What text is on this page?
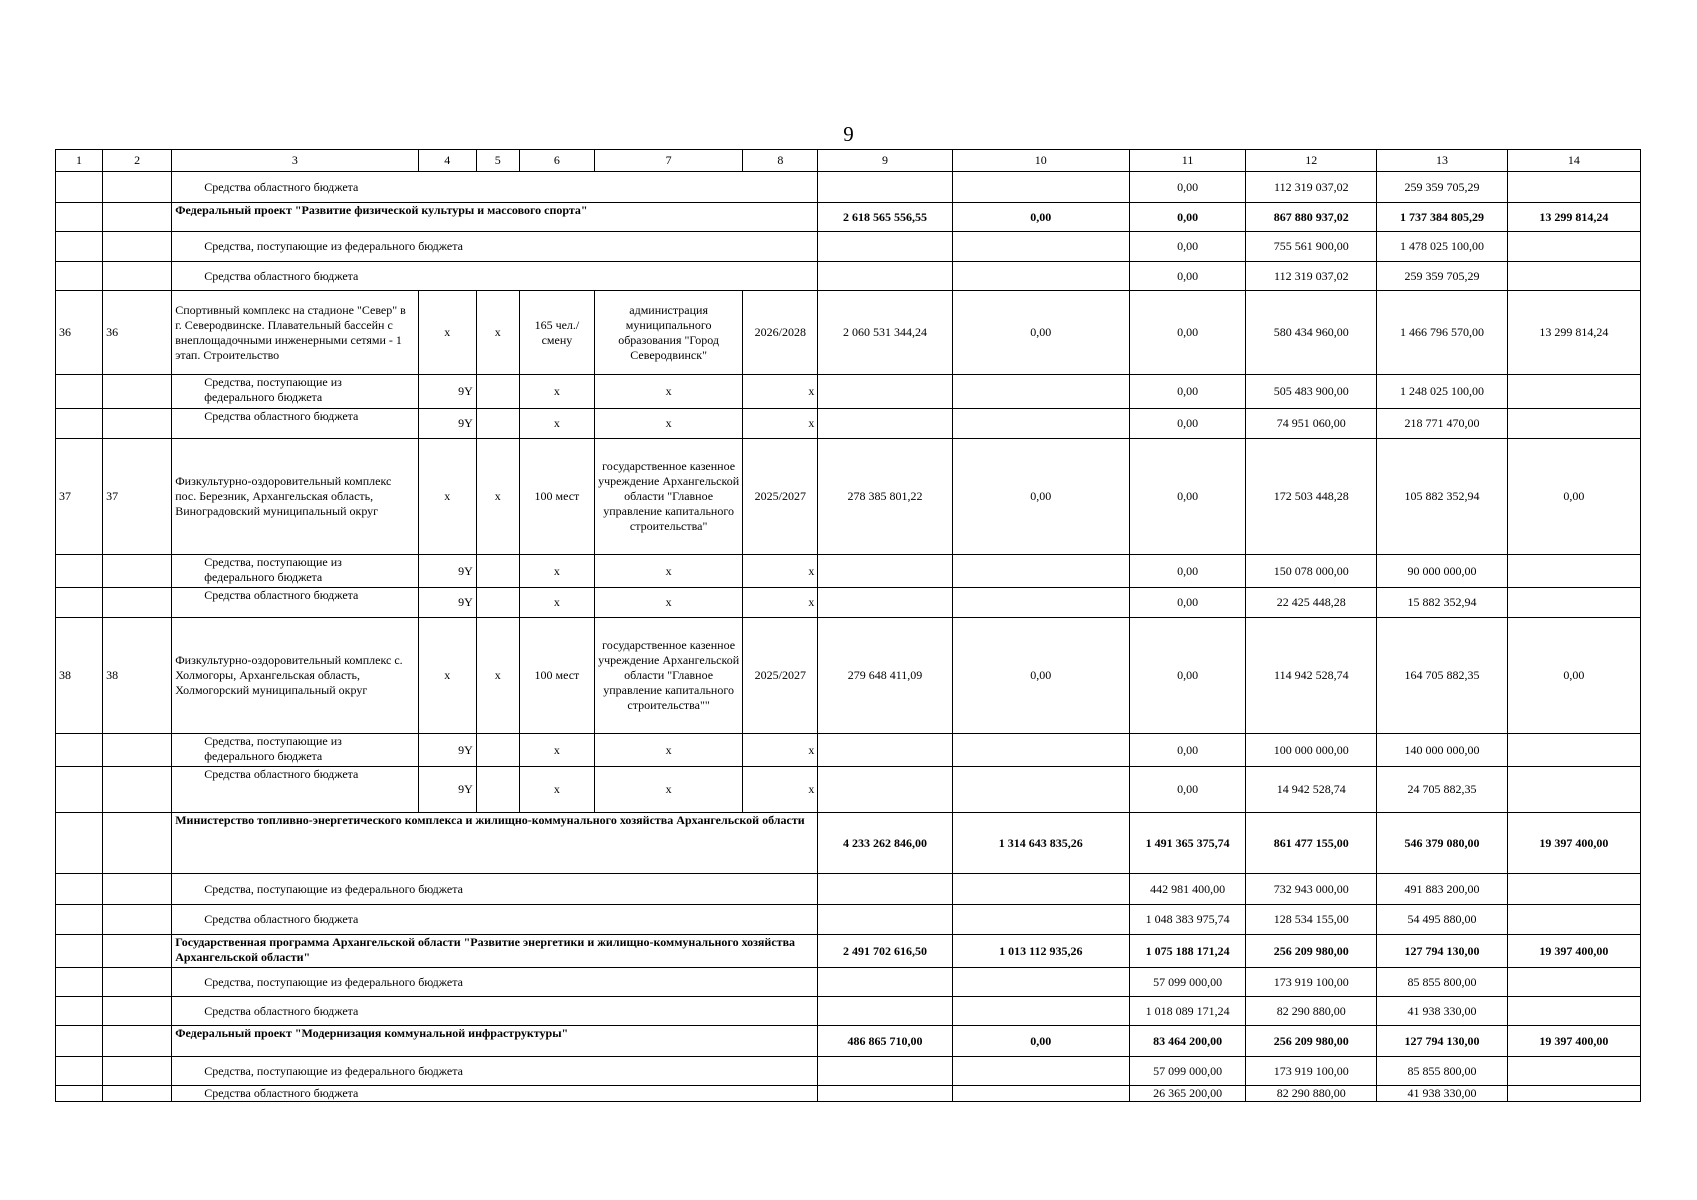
9
1	2	3	4	5	6	7	8	9	10	11	12	13	14
		Средства областного бюджета								0,00	112 319 037,02	259 359 705,29	
		Федеральный проект "Развитие физической культуры и массового спорта"						2 618 565 556,55	0,00	0,00	867 880 937,02	1 737 384 805,29	13 299 814,24
		Средства, поступающие из федерального бюджета								0,00	755 561 900,00	1 478 025 100,00	
		Средства областного бюджета								0,00	112 319 037,02	259 359 705,29	
36	36	Спортивный комплекс на стадионе "Север" в г. Северодвинске. Плавательный бассейн с внеплощадочными инженерными сетями - 1 этап. Строительство	х	х	165 чел./смену	администрация муниципального образования "Город Северодвинск"	2026/2028	2 060 531 344,24	0,00	0,00	580 434 960,00	1 466 796 570,00	13 299 814,24
		Средства, поступающие из федерального бюджета	9Y		х	х	х			0,00	505 483 900,00	1 248 025 100,00	
		Средства областного бюджета	9Y		х	х	х			0,00	74 951 060,00	218 771 470,00	
37	37	Физкультурно-оздоровительный комплекс пос. Березник, Архангельская область, Виноградовский муниципальный округ	х	х	100 мест	государственное казенное учреждение Архангельской области "Главное управление капитального строительства"	2025/2027	278 385 801,22	0,00	0,00	172 503 448,28	105 882 352,94	0,00
		Средства, поступающие из федерального бюджета	9Y		х	х	х			0,00	150 078 000,00	90 000 000,00	
		Средства областного бюджета	9Y		х	х	х			0,00	22 425 448,28	15 882 352,94	
38	38	Физкультурно-оздоровительный комплекс с. Холмогоры, Архангельская область, Холмогорский муниципальный округ	х	х	100 мест	государственное казенное учреждение Архангельской области "Главное управление капитального строительства""	2025/2027	279 648 411,09	0,00	0,00	114 942 528,74	164 705 882,35	0,00
		Средства, поступающие из федерального бюджета	9Y		х	х	х			0,00	100 000 000,00	140 000 000,00	
		Средства областного бюджета	9Y		х	х	х			0,00	14 942 528,74	24 705 882,35	
		Министерство топливно-энергетического комплекса и жилищно-коммунального хозяйства Архангельской области						4 233 262 846,00	1 314 643 835,26	1 491 365 375,74	861 477 155,00	546 379 080,00	19 397 400,00
		Средства, поступающие из федерального бюджета								442 981 400,00	732 943 000,00	491 883 200,00	
		Средства областного бюджета								1 048 383 975,74	128 534 155,00	54 495 880,00	
		Государственная программа Архангельской области "Развитие энергетики и жилищно-коммунального хозяйства Архангельской области"						2 491 702 616,50	1 013 112 935,26	1 075 188 171,24	256 209 980,00	127 794 130,00	19 397 400,00
		Средства, поступающие из федерального бюджета								57 099 000,00	173 919 100,00	85 855 800,00	
		Средства областного бюджета								1 018 089 171,24	82 290 880,00	41 938 330,00	
		Федеральный проект "Модернизация коммунальной инфраструктуры"						486 865 710,00	0,00	83 464 200,00	256 209 980,00	127 794 130,00	19 397 400,00
		Средства, поступающие из федерального бюджета								57 099 000,00	173 919 100,00	85 855 800,00	
		Средства областного бюджета								26 365 200,00	82 290 880,00	41 938 330,00	
